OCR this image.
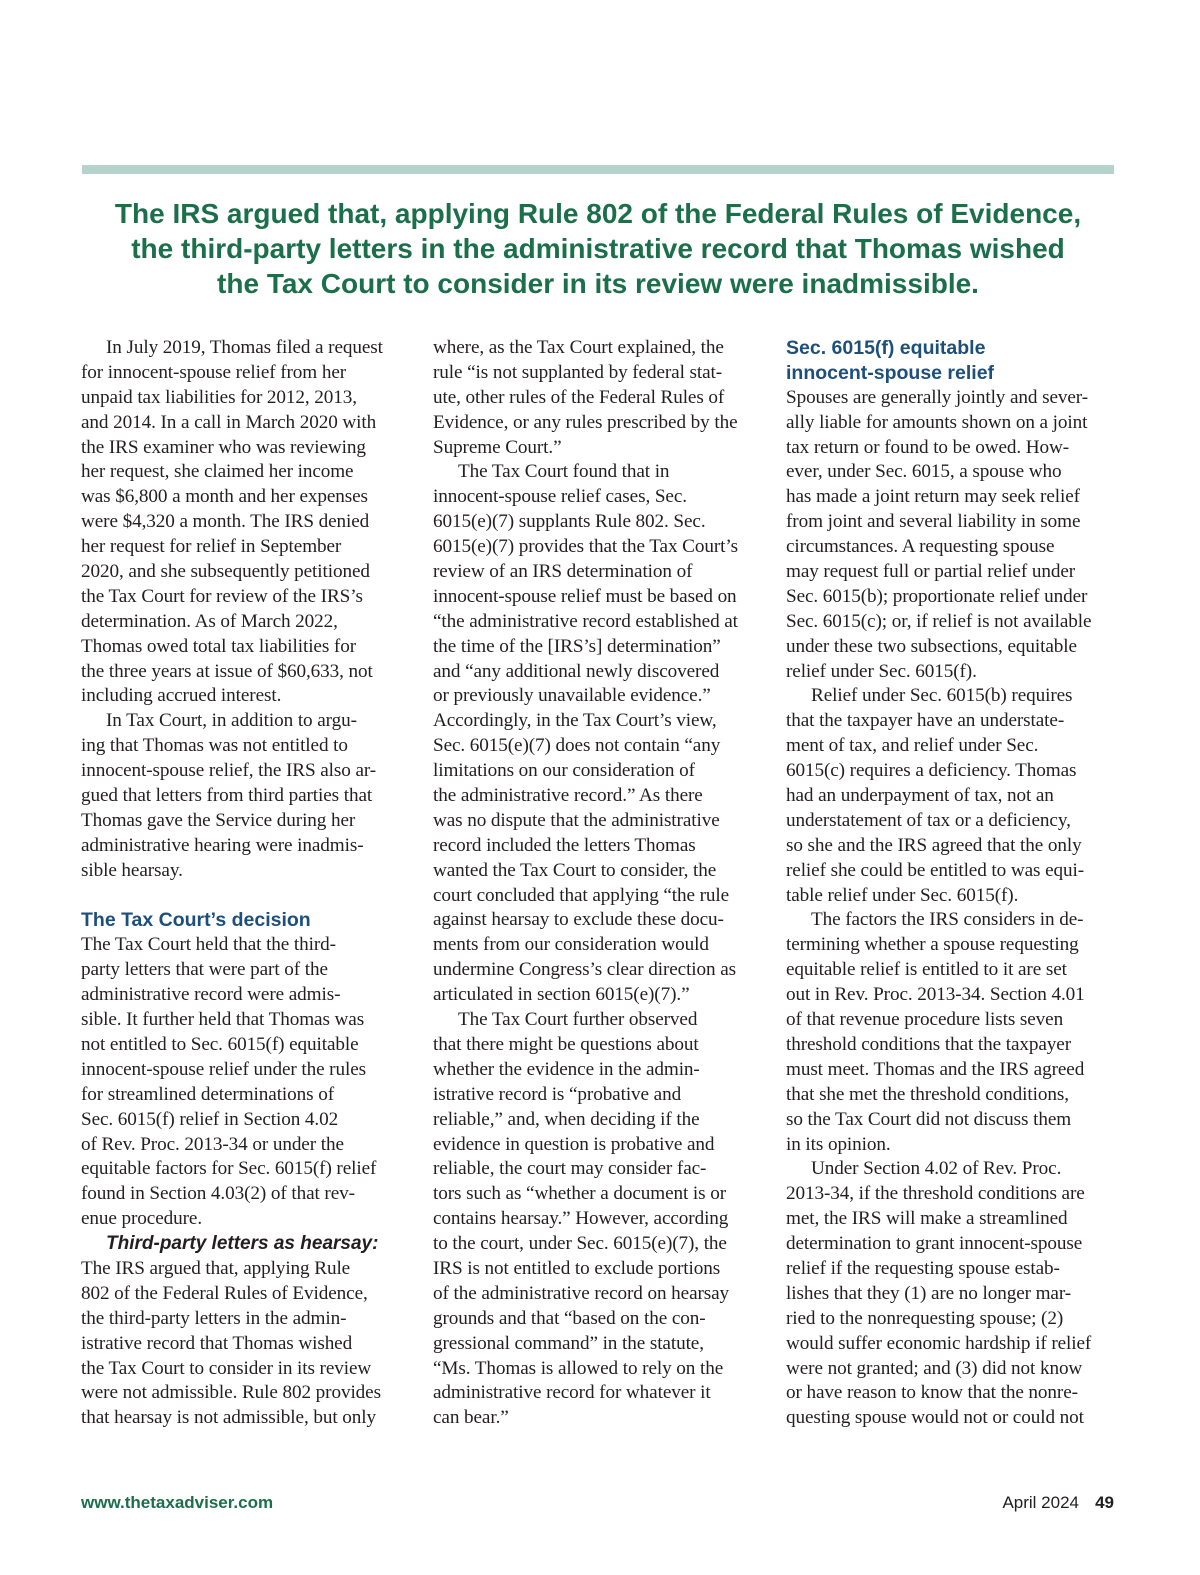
The IRS argued that, applying Rule 802 of the Federal Rules of Evidence,
the third-party letters in the administrative record that Thomas wished
the Tax Court to consider in its review were inadmissible.
In July 2019, Thomas filed a request
for innocent-spouse relief from her
unpaid tax liabilities for 2012, 2013,
and 2014. In a call in March 2020 with
the IRS examiner who was reviewing
her request, she claimed her income
was $6,800 a month and her expenses
were $4,320 a month. The IRS denied
her request for relief in September
2020, and she subsequently petitioned
the Tax Court for review of the IRS’s
determination. As of March 2022,
Thomas owed total tax liabilities for
the three years at issue of $60,633, not
including accrued interest.
In Tax Court, in addition to argu-
ing that Thomas was not entitled to
innocent-spouse relief, the IRS also ar-
gued that letters from third parties that
Thomas gave the Service during her
administrative hearing were inadmis-
sible hearsay.
The Tax Court’s decision
The Tax Court held that the third-
party letters that were part of the
administrative record were admis-
sible. It further held that Thomas was
not entitled to Sec. 6015(f) equitable
innocent-spouse relief under the rules
for streamlined determinations of
Sec. 6015(f) relief in Section 4.02
of Rev. Proc. 2013-34 or under the
equitable factors for Sec. 6015(f) relief
found in Section 4.03(2) of that rev-
enue procedure.
Third-party letters as hearsay:
The IRS argued that, applying Rule
802 of the Federal Rules of Evidence,
the third-party letters in the admin-
istrative record that Thomas wished
the Tax Court to consider in its review
were not admissible. Rule 802 provides
that hearsay is not admissible, but only
where, as the Tax Court explained, the
rule “is not supplanted by federal stat-
ute, other rules of the Federal Rules of
Evidence, or any rules prescribed by the
Supreme Court.”
The Tax Court found that in
innocent-spouse relief cases, Sec.
6015(e)(7) supplants Rule 802. Sec.
6015(e)(7) provides that the Tax Court’s
review of an IRS determination of
innocent-spouse relief must be based on
“the administrative record established at
the time of the [IRS’s] determination”
and “any additional newly discovered
or previously unavailable evidence.”
Accordingly, in the Tax Court’s view,
Sec. 6015(e)(7) does not contain “any
limitations on our consideration of
the administrative record.” As there
was no dispute that the administrative
record included the letters Thomas
wanted the Tax Court to consider, the
court concluded that applying “the rule
against hearsay to exclude these docu-
ments from our consideration would
undermine Congress’s clear direction as
articulated in section 6015(e)(7).”
The Tax Court further observed
that there might be questions about
whether the evidence in the admin-
istrative record is “probative and
reliable,” and, when deciding if the
evidence in question is probative and
reliable, the court may consider fac-
tors such as “whether a document is or
contains hearsay.” However, according
to the court, under Sec. 6015(e)(7), the
IRS is not entitled to exclude portions
of the administrative record on hearsay
grounds and that “based on the con-
gressional command” in the statute,
“Ms. Thomas is allowed to rely on the
administrative record for whatever it
can bear.”
Sec. 6015(f) equitable
innocent-spouse relief
Spouses are generally jointly and sever-
ally liable for amounts shown on a joint
tax return or found to be owed. How-
ever, under Sec. 6015, a spouse who
has made a joint return may seek relief
from joint and several liability in some
circumstances. A requesting spouse
may request full or partial relief under
Sec. 6015(b); proportionate relief under
Sec. 6015(c); or, if relief is not available
under these two subsections, equitable
relief under Sec. 6015(f).
Relief under Sec. 6015(b) requires
that the taxpayer have an understate-
ment of tax, and relief under Sec.
6015(c) requires a deficiency. Thomas
had an underpayment of tax, not an
understatement of tax or a deficiency,
so she and the IRS agreed that the only
relief she could be entitled to was equi-
table relief under Sec. 6015(f).
The factors the IRS considers in de-
termining whether a spouse requesting
equitable relief is entitled to it are set
out in Rev. Proc. 2013-34. Section 4.01
of that revenue procedure lists seven
threshold conditions that the taxpayer
must meet. Thomas and the IRS agreed
that she met the threshold conditions,
so the Tax Court did not discuss them
in its opinion.
Under Section 4.02 of Rev. Proc.
2013-34, if the threshold conditions are
met, the IRS will make a streamlined
determination to grant innocent-spouse
relief if the requesting spouse estab-
lishes that they (1) are no longer mar-
ried to the nonrequesting spouse; (2)
would suffer economic hardship if relief
were not granted; and (3) did not know
or have reason to know that the nonre-
questing spouse would not or could not
www.thetaxadviser.com	April 2024 49
